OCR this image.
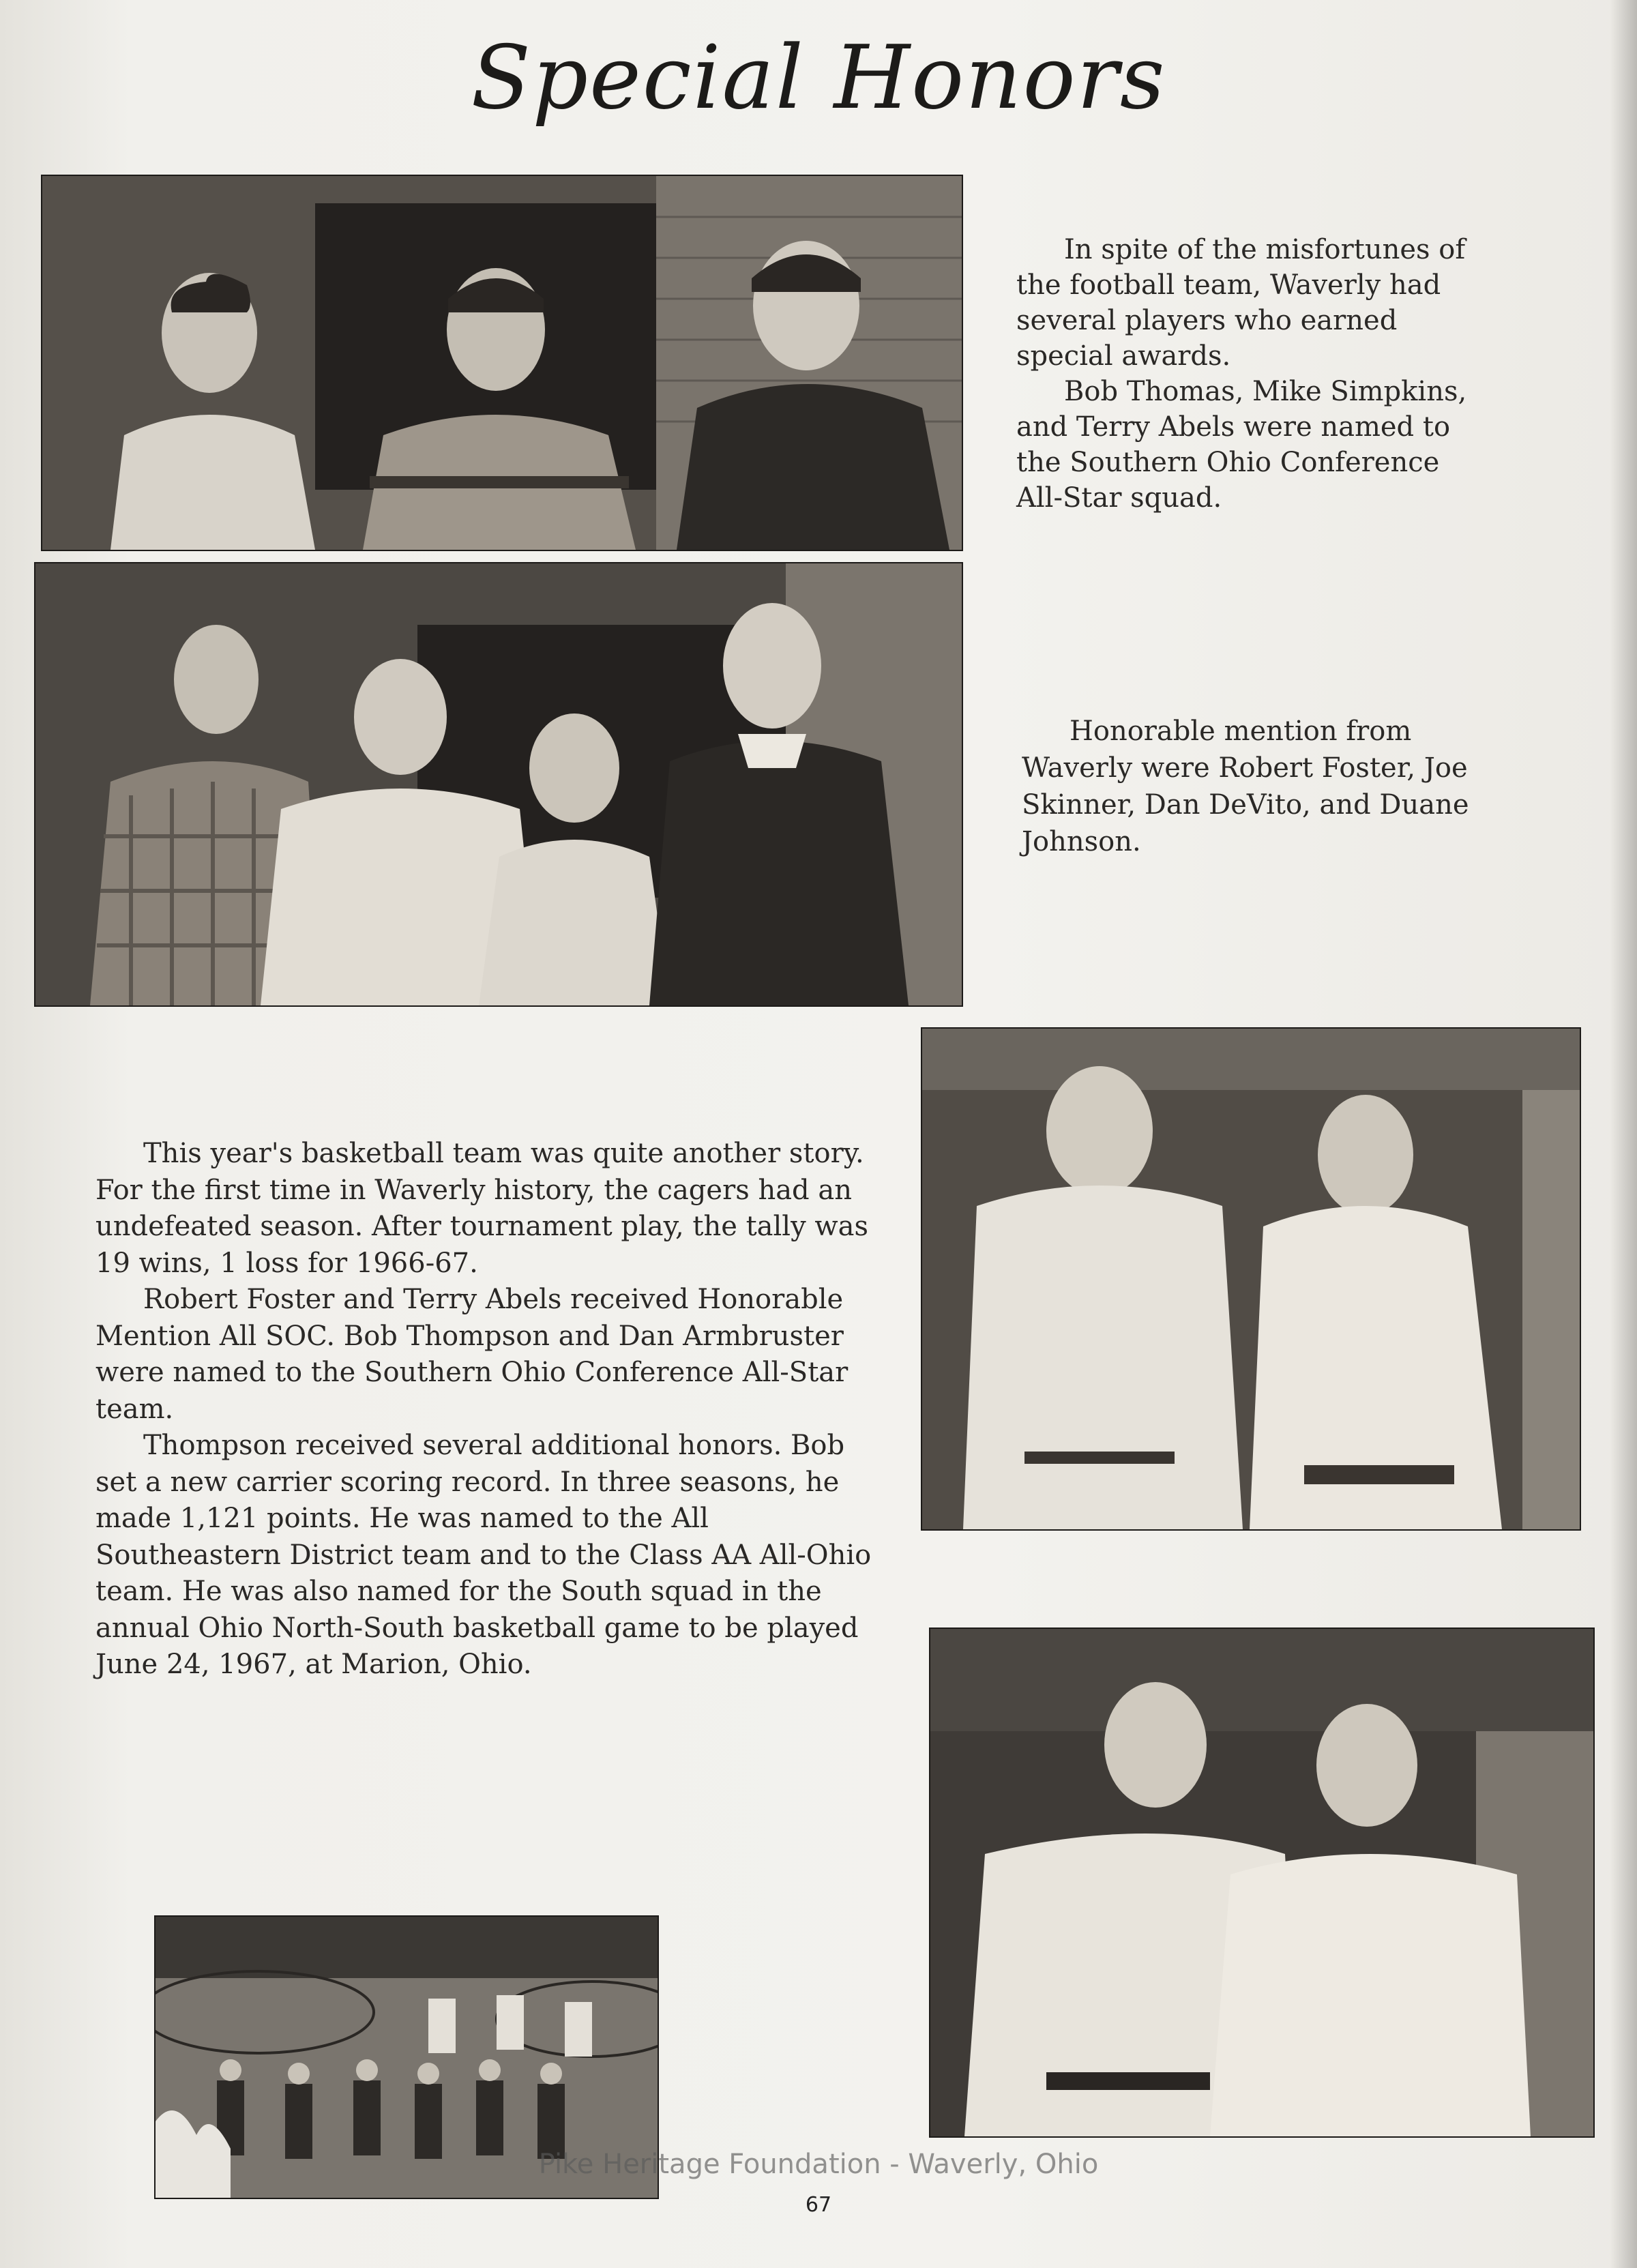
Special Honors

In spite of the misfortunes of the football team, Waverly had several players who earned special awards.

Bob Thomas, Mike Simpkins, and Terry Abels were named to the Southern Ohio Conference All-Star squad.

Honorable mention from Waverly were Robert Foster, Joe Skinner, Dan DeVito, and Duane Johnson.

This year's basketball team was quite another story. For the first time in Waverly history, the cagers had an undefeated season. After tournament play, the tally was 19 wins, 1 loss for 1966-67.

Robert Foster and Terry Abels received Honorable Mention All SOC. Bob Thompson and Dan Armbruster were named to the Southern Ohio Conference All-Star team.

Thompson received several additional honors. Bob set a new carrier scoring record. In three seasons, he made 1,121 points. He was named to the All Southeastern District team and to the Class AA All-Ohio team. He was also named for the South squad in the annual Ohio North-South basketball game to be played June 24, 1967, at Marion, Ohio.

Pike Heritage Foundation - Waverly, Ohio
67
